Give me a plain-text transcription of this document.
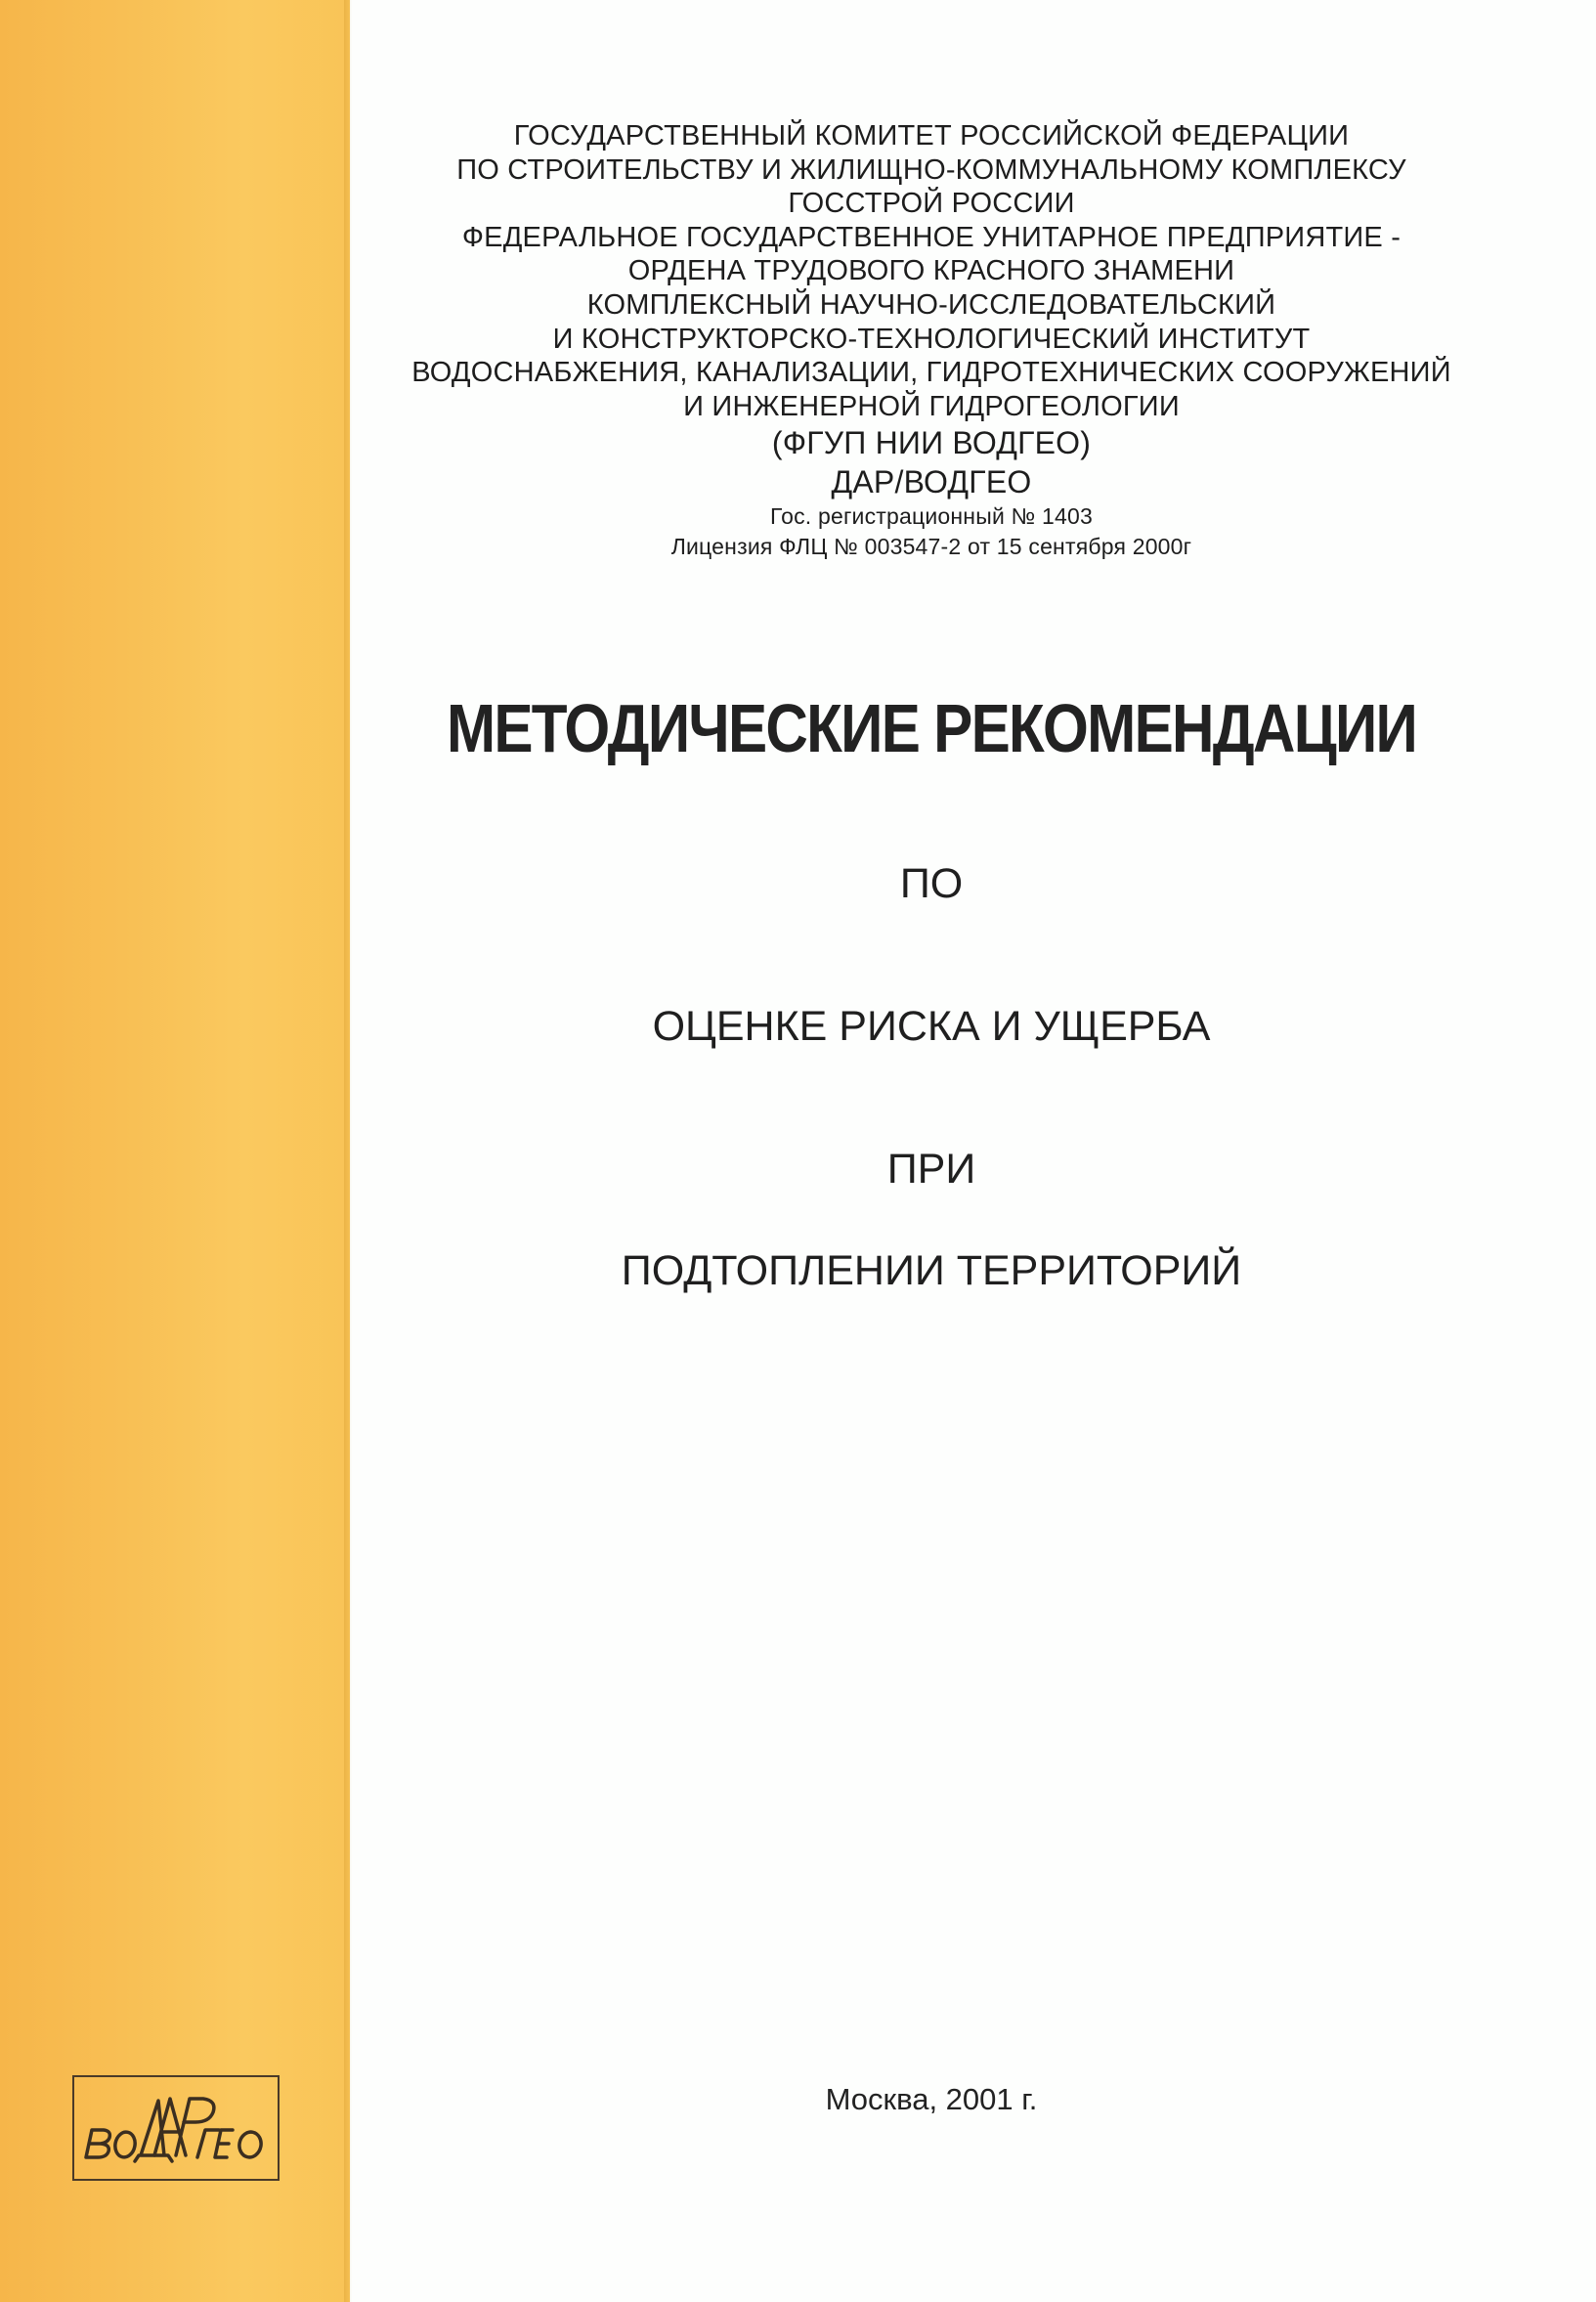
ГОСУДАРСТВЕННЫЙ КОМИТЕТ РОССИЙСКОЙ ФЕДЕРАЦИИ
ПО СТРОИТЕЛЬСТВУ И ЖИЛИЩНО-КОММУНАЛЬНОМУ КОМПЛЕКСУ
ГОССТРОЙ РОССИИ
ФЕДЕРАЛЬНОЕ ГОСУДАРСТВЕННОЕ УНИТАРНОЕ ПРЕДПРИЯТИЕ -
ОРДЕНА ТРУДОВОГО КРАСНОГО ЗНАМЕНИ
КОМПЛЕКСНЫЙ НАУЧНО-ИССЛЕДОВАТЕЛЬСКИЙ
И КОНСТРУКТОРСКО-ТЕХНОЛОГИЧЕСКИЙ ИНСТИТУТ
ВОДОСНАБЖЕНИЯ, КАНАЛИЗАЦИИ, ГИДРОТЕХНИЧЕСКИХ СООРУЖЕНИЙ
И ИНЖЕНЕРНОЙ ГИДРОГЕОЛОГИИ
(ФГУП НИИ ВОДГЕО)
ДАР/ВОДГЕО
Гос. регистрационный № 1403
Лицензия ФЛЦ № 003547-2 от 15 сентября 2000г
МЕТОДИЧЕСКИЕ РЕКОМЕНДАЦИИ
ПО
ОЦЕНКЕ РИСКА И УЩЕРБА
ПРИ
ПОДТОПЛЕНИИ ТЕРРИТОРИЙ
Москва, 2001 г.
